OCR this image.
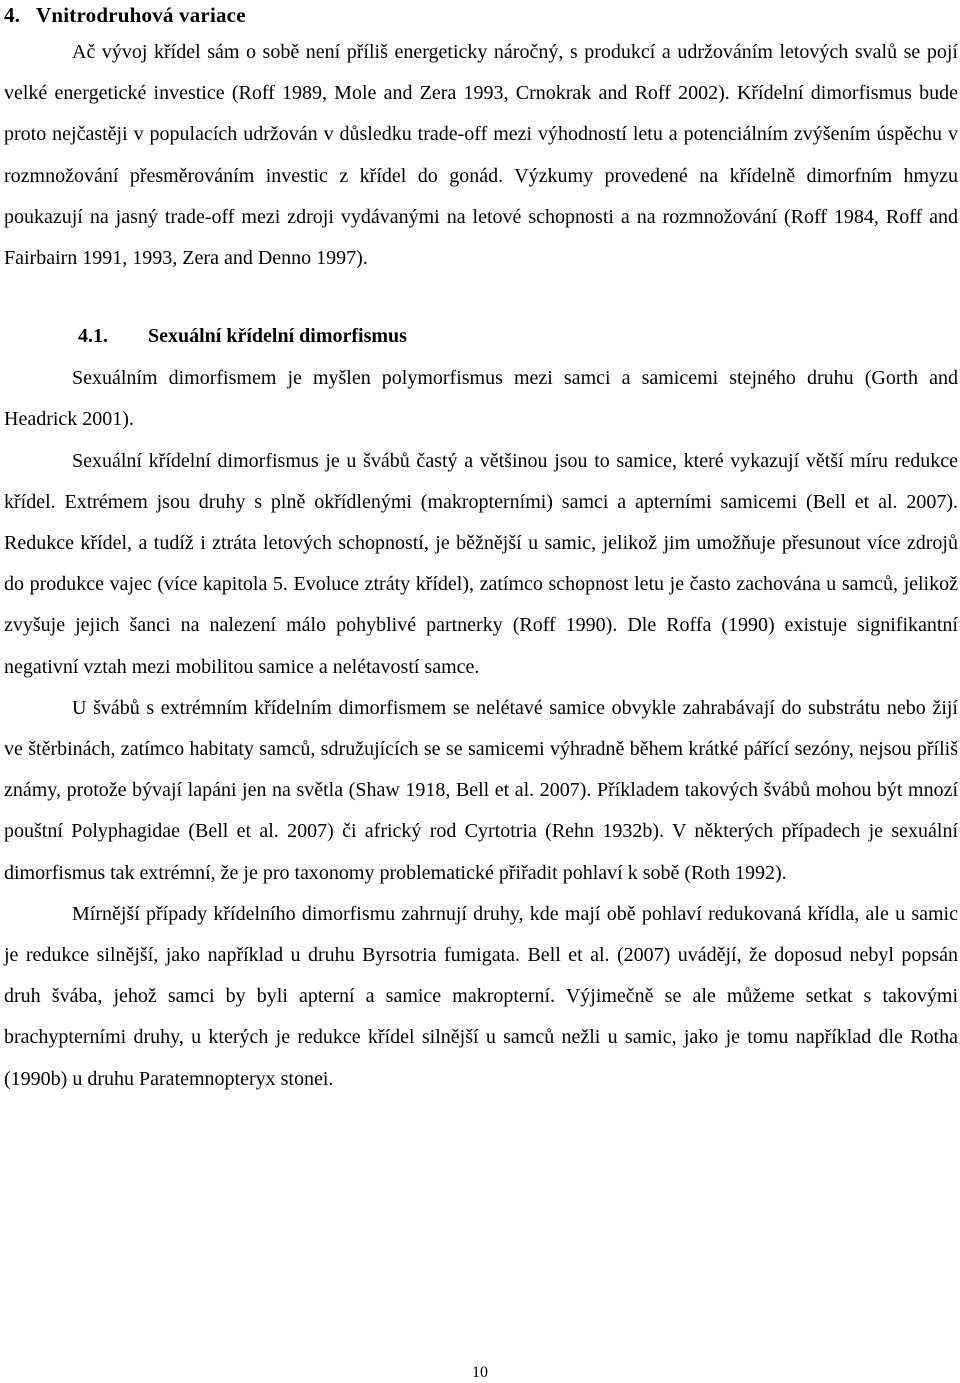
4. Vnitrodruhová variace

Ač vývoj křídel sám o sobě není příliš energeticky náročný, s produkcí a udržováním letových svalů se pojí velké energetické investice (Roff 1989, Mole and Zera 1993, Crnokrak and Roff 2002). Křídelní dimorfismus bude proto nejčastěji v populacích udržován v důsledku trade-off mezi výhodností letu a potenciálním zvýšením úspěchu v rozmnožování přesměrováním investic z křídel do gonád. Výzkumy provedené na křídelně dimorfním hmyzu poukazují na jasný trade-off mezi zdroji vydávanými na letové schopnosti a na rozmnožování (Roff 1984, Roff and Fairbairn 1991, 1993, Zera and Denno 1997).

4.1. Sexuální křídelní dimorfismus

Sexuálním dimorfismem je myšlen polymorfismus mezi samci a samicemi stejného druhu (Gorth and Headrick 2001).

Sexuální křídelní dimorfismus je u švábů častý a většinou jsou to samice, které vykazují větší míru redukce křídel. Extrémem jsou druhy s plně okřídlenými (makropterními) samci a apterními samicemi (Bell et al. 2007). Redukce křídel, a tudíž i ztráta letových schopností, je běžnější u samic, jelikož jim umožňuje přesunout více zdrojů do produkce vajec (více kapitola 5. Evoluce ztráty křídel), zatímco schopnost letu je často zachována u samců, jelikož zvyšuje jejich šanci na nalezení málo pohyblivé partnerky (Roff 1990). Dle Roffa (1990) existuje signifikantní negativní vztah mezi mobilitou samice a nelétavostí samce.

U švábů s extrémním křídelním dimorfismem se nelétavé samice obvykle zahrabávají do substrátu nebo žijí ve štěrbinách, zatímco habitaty samců, sdružujících se se samicemi výhradně během krátké pářící sezóny, nejsou příliš známy, protože bývají lapáni jen na světla (Shaw 1918, Bell et al. 2007). Příkladem takových švábů mohou být mnozí pouštní Polyphagidae (Bell et al. 2007) či africký rod Cyrtotria (Rehn 1932b). V některých případech je sexuální dimorfismus tak extrémní, že je pro taxonomy problematické přiřadit pohlaví k sobě (Roth 1992).

Mírnější případy křídelního dimorfismu zahrnují druhy, kde mají obě pohlaví redukovaná křídla, ale u samic je redukce silnější, jako například u druhu Byrsotria fumigata. Bell et al. (2007) uvádějí, že doposud nebyl popsán druh švába, jehož samci by byli apterní a samice makropterní. Výjimečně se ale můžeme setkat s takovými brachypterními druhy, u kterých je redukce křídel silnější u samců nežli u samic, jako je tomu například dle Rotha (1990b) u druhu Paratemnopteryx stonei.

10
